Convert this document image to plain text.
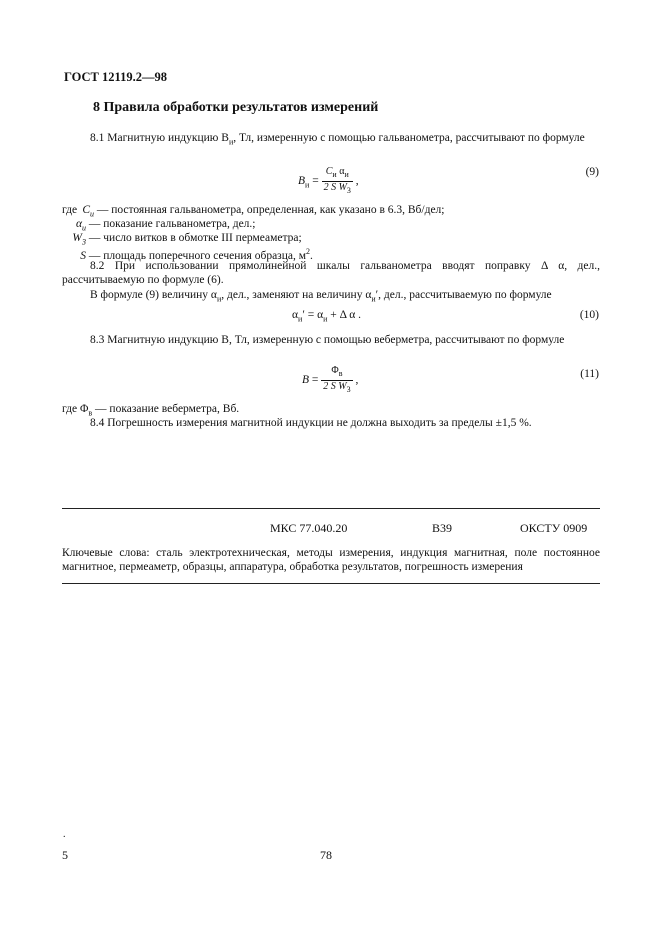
ГОСТ 12119.2—98
8 Правила обработки результатов измерений
8.1 Магнитную индукцию $B_и$, Тл, измеренную с помощью гальванометра, рассчитывают по формуле
$B_и = \frac{C_и \alpha_и}{2 S W_3}$ ,
(9)
где $C_и$ — постоянная гальванометра, определенная, как указано в 6.3, Вб/дел;
$\alpha_и$ — показание гальванометра, дел.;
$W_3$ — число витков в обмотке III пермеаметра;
S — площадь поперечного сечения образца, $м^2$.
8.2 При использовании прямолинейной шкалы гальванометра вводят поправку Δ α, дел., рассчитываемую по формуле (6).
В формуле (9) величину $\alpha_и$, дел., заменяют на величину $\alpha_и'$, дел., рассчитываемую по формуле
$\alpha_и' = \alpha_и + \Delta$ α .	(10)
8.3 Магнитную индукцию B, Тл, измеренную с помощью веберметра, рассчитывают по формуле
$B = \frac{\Phi_в}{2 S W_3}$ ,
(11)
где $\Phi_в$ — показание веберметра, Вб.
8.4 Погрешность измерения магнитной индукции не должна выходить за пределы ±1,5 %.
МКС 77.040.20	В39	ОКСТУ 0909
Ключевые слова: сталь электротехническая, методы измерения, индукция магнитная, поле постоянное магнитное, пермеаметр, образцы, аппаратура, обработка результатов, погрешность измерения
.
5	78
